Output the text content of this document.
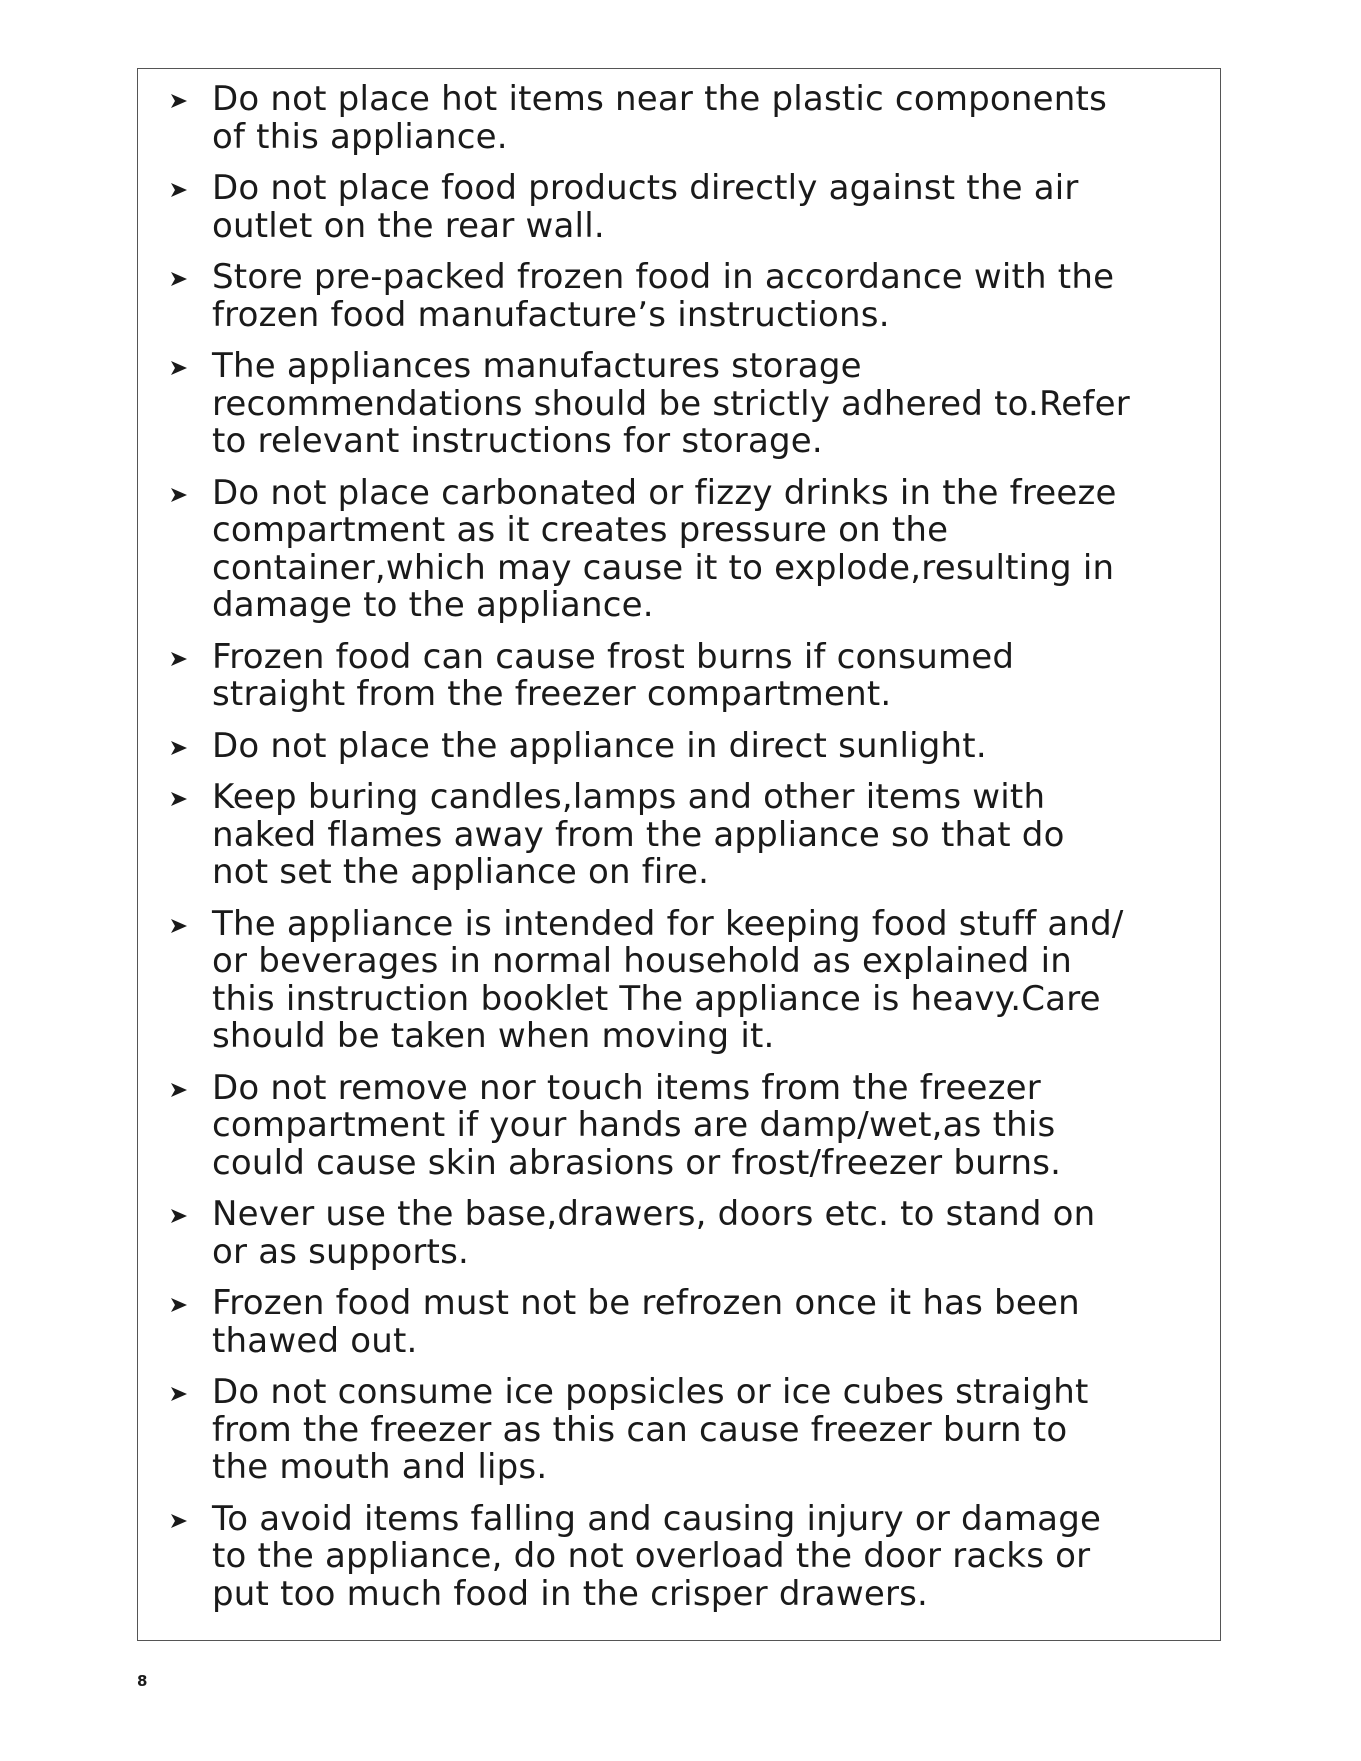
Do not place hot items near the plastic components of this appliance.
Do not place food products directly against the air outlet on the rear wall.
Store pre-packed frozen food in accordance with the frozen food manufacture’s instructions.
The appliances manufactures storage recommendations should be strictly adhered to.Refer to relevant instructions for storage.
Do not place carbonated or fizzy drinks in the freeze compartment as it creates pressure on the container,which may cause it to explode,resulting in damage to the appliance.
Frozen food can cause frost burns if consumed straight from the freezer compartment.
Do not place the appliance in direct sunlight.
Keep buring candles,lamps and other items with naked flames away from the appliance so that do not set the appliance on fire.
The appliance is intended for keeping food stuff and/ or beverages in normal household as explained in this instruction booklet The appliance is heavy.Care should be taken when moving it.
Do not remove nor touch items from the freezer compartment if your hands are damp/wet,as this could cause skin abrasions or frost/freezer burns.
Never use the base,drawers, doors etc. to stand on or as supports.
Frozen food must not be refrozen once it has been thawed out.
Do not consume ice popsicles or ice cubes straight from the freezer as this can cause freezer burn to the mouth and lips.
To avoid items falling and causing injury or damage to the appliance, do not overload the door racks or put too much food in the crisper drawers.
8
